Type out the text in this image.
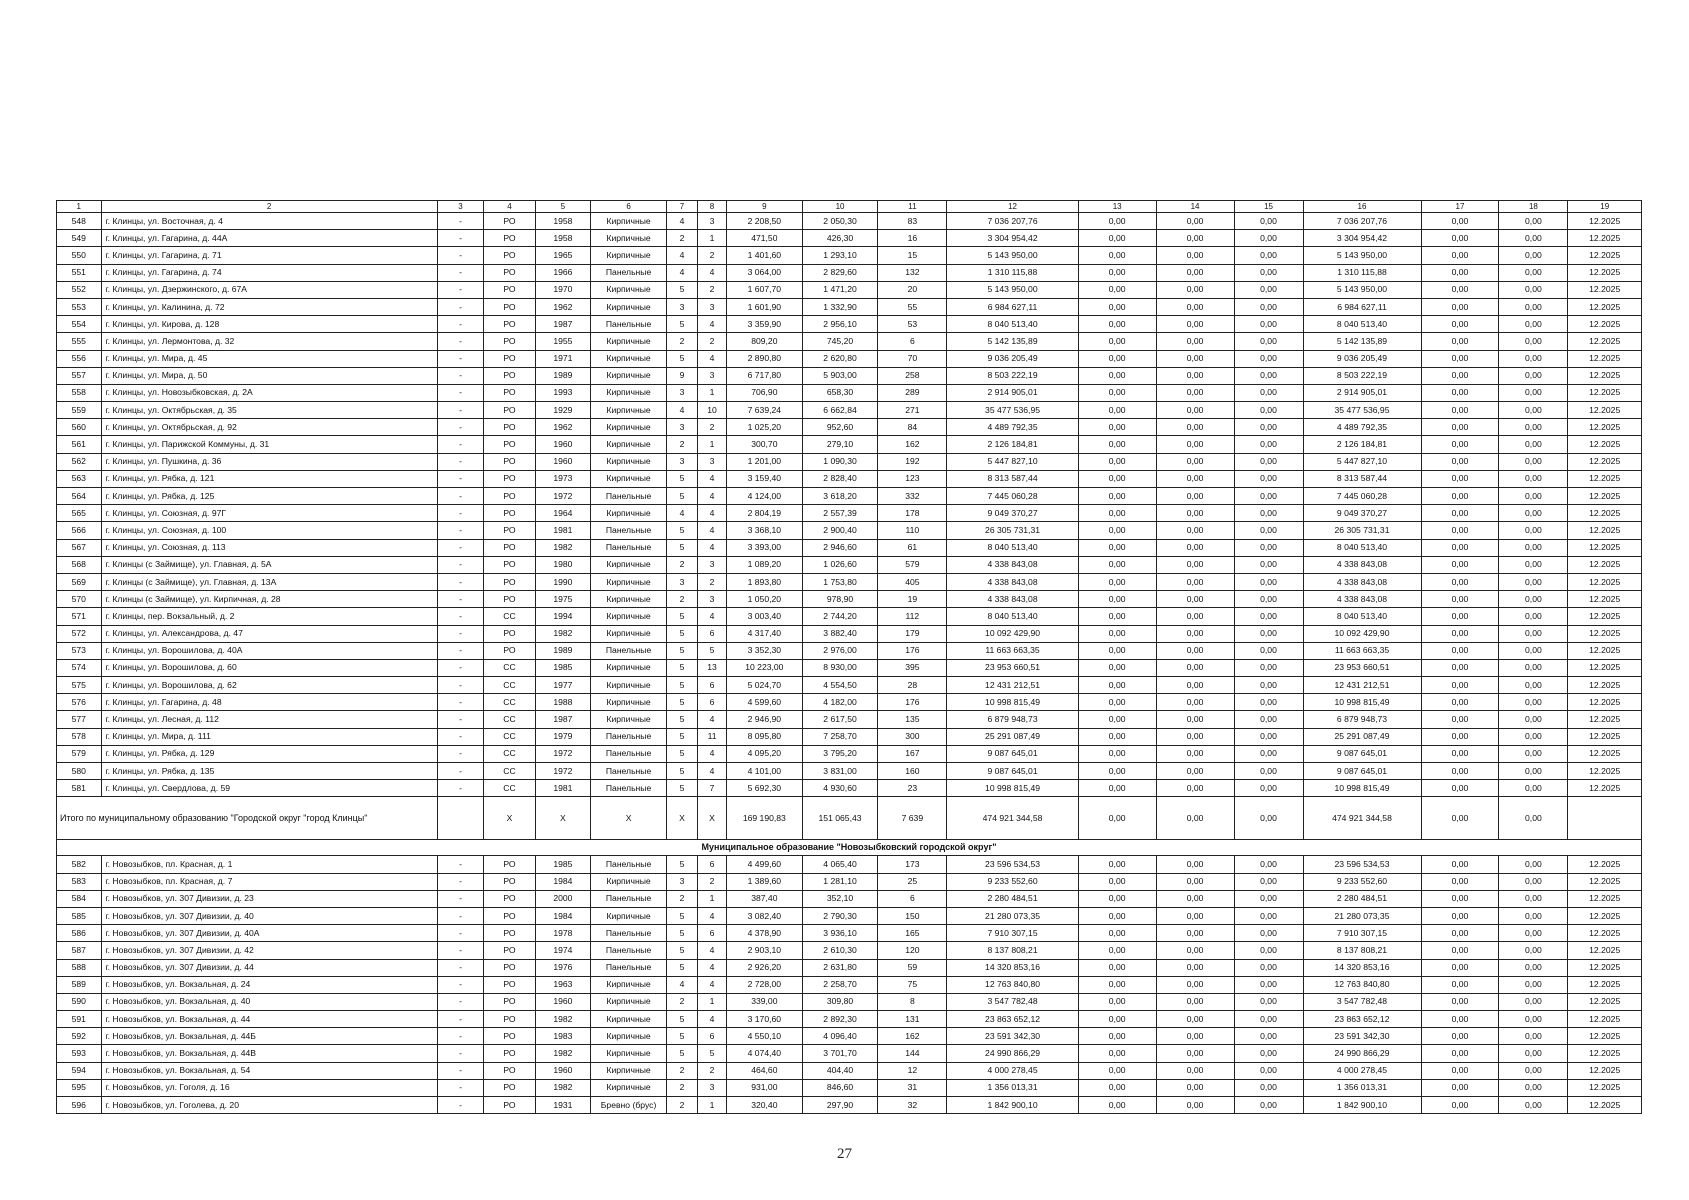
1	2	3	4	5	6	7	8	9	10	11	12	13	14	15	16	17	18	19
548	г. Клинцы, ул. Восточная, д. 4	-	РО	1958	Кирпичные	4	3	2 208,50	2 050,30	83	7 036 207,76	0,00	0,00	0,00	7 036 207,76	0,00	0,00	12.2025
549	г. Клинцы, ул. Гагарина, д. 44А	-	РО	1958	Кирпичные	2	1	471,50	426,30	16	3 304 954,42	0,00	0,00	0,00	3 304 954,42	0,00	0,00	12.2025
550	г. Клинцы, ул. Гагарина, д. 71	-	РО	1965	Кирпичные	4	2	1 401,60	1 293,10	15	5 143 950,00	0,00	0,00	0,00	5 143 950,00	0,00	0,00	12.2025
551	г. Клинцы, ул. Гагарина, д. 74	-	РО	1966	Панельные	4	4	3 064,00	2 829,60	132	1 310 115,88	0,00	0,00	0,00	1 310 115,88	0,00	0,00	12.2025
552	г. Клинцы, ул. Дзержинского, д. 67А	-	РО	1970	Кирпичные	5	2	1 607,70	1 471,20	20	5 143 950,00	0,00	0,00	0,00	5 143 950,00	0,00	0,00	12.2025
553	г. Клинцы, ул. Калинина, д. 72	-	РО	1962	Кирпичные	3	3	1 601,90	1 332,90	55	6 984 627,11	0,00	0,00	0,00	6 984 627,11	0,00	0,00	12.2025
554	г. Клинцы, ул. Кирова, д. 128	-	РО	1987	Панельные	5	4	3 359,90	2 956,10	53	8 040 513,40	0,00	0,00	0,00	8 040 513,40	0,00	0,00	12.2025
555	г. Клинцы, ул. Лермонтова, д. 32	-	РО	1955	Кирпичные	2	2	809,20	745,20	6	5 142 135,89	0,00	0,00	0,00	5 142 135,89	0,00	0,00	12.2025
556	г. Клинцы, ул. Мира, д. 45	-	РО	1971	Кирпичные	5	4	2 890,80	2 620,80	70	9 036 205,49	0,00	0,00	0,00	9 036 205,49	0,00	0,00	12.2025
557	г. Клинцы, ул. Мира, д. 50	-	РО	1989	Кирпичные	9	3	6 717,80	5 903,00	258	8 503 222,19	0,00	0,00	0,00	8 503 222,19	0,00	0,00	12.2025
558	г. Клинцы, ул. Новозыбковская, д. 2А	-	РО	1993	Кирпичные	3	1	706,90	658,30	289	2 914 905,01	0,00	0,00	0,00	2 914 905,01	0,00	0,00	12.2025
559	г. Клинцы, ул. Октябрьская, д. 35	-	РО	1929	Кирпичные	4	10	7 639,24	6 662,84	271	35 477 536,95	0,00	0,00	0,00	35 477 536,95	0,00	0,00	12.2025
560	г. Клинцы, ул. Октябрьская, д. 92	-	РО	1962	Кирпичные	3	2	1 025,20	952,60	84	4 489 792,35	0,00	0,00	0,00	4 489 792,35	0,00	0,00	12.2025
561	г. Клинцы, ул. Парижской Коммуны, д. 31	-	РО	1960	Кирпичные	2	1	300,70	279,10	162	2 126 184,81	0,00	0,00	0,00	2 126 184,81	0,00	0,00	12.2025
562	г. Клинцы, ул. Пушкина, д. 36	-	РО	1960	Кирпичные	3	3	1 201,00	1 090,30	192	5 447 827,10	0,00	0,00	0,00	5 447 827,10	0,00	0,00	12.2025
563	г. Клинцы, ул. Рябка, д. 121	-	РО	1973	Кирпичные	5	4	3 159,40	2 828,40	123	8 313 587,44	0,00	0,00	0,00	8 313 587,44	0,00	0,00	12.2025
564	г. Клинцы, ул. Рябка, д. 125	-	РО	1972	Панельные	5	4	4 124,00	3 618,20	332	7 445 060,28	0,00	0,00	0,00	7 445 060,28	0,00	0,00	12.2025
565	г. Клинцы, ул. Союзная, д. 97Г	-	РО	1964	Кирпичные	4	4	2 804,19	2 557,39	178	9 049 370,27	0,00	0,00	0,00	9 049 370,27	0,00	0,00	12.2025
566	г. Клинцы, ул. Союзная, д. 100	-	РО	1981	Панельные	5	4	3 368,10	2 900,40	110	26 305 731,31	0,00	0,00	0,00	26 305 731,31	0,00	0,00	12.2025
567	г. Клинцы, ул. Союзная, д. 113	-	РО	1982	Панельные	5	4	3 393,00	2 946,60	61	8 040 513,40	0,00	0,00	0,00	8 040 513,40	0,00	0,00	12.2025
568	г. Клинцы (с Займище), ул. Главная, д. 5А	-	РО	1980	Кирпичные	2	3	1 089,20	1 026,60	579	4 338 843,08	0,00	0,00	0,00	4 338 843,08	0,00	0,00	12.2025
569	г. Клинцы (с Займище), ул. Главная, д. 13А	-	РО	1990	Кирпичные	3	2	1 893,80	1 753,80	405	4 338 843,08	0,00	0,00	0,00	4 338 843,08	0,00	0,00	12.2025
570	г. Клинцы (с Займище), ул. Кирпичная, д. 28	-	РО	1975	Кирпичные	2	3	1 050,20	978,90	19	4 338 843,08	0,00	0,00	0,00	4 338 843,08	0,00	0,00	12.2025
571	г. Клинцы, пер. Вокзальный, д. 2	-	СС	1994	Кирпичные	5	4	3 003,40	2 744,20	112	8 040 513,40	0,00	0,00	0,00	8 040 513,40	0,00	0,00	12.2025
572	г. Клинцы, ул. Александрова, д. 47	-	РО	1982	Кирпичные	5	6	4 317,40	3 882,40	179	10 092 429,90	0,00	0,00	0,00	10 092 429,90	0,00	0,00	12.2025
573	г. Клинцы, ул. Ворошилова, д. 40А	-	РО	1989	Панельные	5	5	3 352,30	2 976,00	176	11 663 663,35	0,00	0,00	0,00	11 663 663,35	0,00	0,00	12.2025
574	г. Клинцы, ул. Ворошилова, д. 60	-	СС	1985	Кирпичные	5	13	10 223,00	8 930,00	395	23 953 660,51	0,00	0,00	0,00	23 953 660,51	0,00	0,00	12.2025
575	г. Клинцы, ул. Ворошилова, д. 62	-	СС	1977	Кирпичные	5	6	5 024,70	4 554,50	28	12 431 212,51	0,00	0,00	0,00	12 431 212,51	0,00	0,00	12.2025
576	г. Клинцы, ул. Гагарина, д. 48	-	СС	1988	Кирпичные	5	6	4 599,60	4 182,00	176	10 998 815,49	0,00	0,00	0,00	10 998 815,49	0,00	0,00	12.2025
577	г. Клинцы, ул. Лесная, д. 112	-	СС	1987	Кирпичные	5	4	2 946,90	2 617,50	135	6 879 948,73	0,00	0,00	0,00	6 879 948,73	0,00	0,00	12.2025
578	г. Клинцы, ул. Мира, д. 111	-	СС	1979	Панельные	5	11	8 095,80	7 258,70	300	25 291 087,49	0,00	0,00	0,00	25 291 087,49	0,00	0,00	12.2025
579	г. Клинцы, ул. Рябка, д. 129	-	СС	1972	Панельные	5	4	4 095,20	3 795,20	167	9 087 645,01	0,00	0,00	0,00	9 087 645,01	0,00	0,00	12.2025
580	г. Клинцы, ул. Рябка, д. 135	-	СС	1972	Панельные	5	4	4 101,00	3 831,00	160	9 087 645,01	0,00	0,00	0,00	9 087 645,01	0,00	0,00	12.2025
581	г. Клинцы, ул. Свердлова, д. 59	-	СС	1981	Панельные	5	7	5 692,30	4 930,60	23	10 998 815,49	0,00	0,00	0,00	10 998 815,49	0,00	0,00	12.2025
Итого по муниципальному образованию "Городской округ "город Клинцы"			Х	Х	Х	Х	Х	169 190,83	151 065,43	7 639	474 921 344,58	0,00	0,00	0,00	474 921 344,58	0,00	0,00	
Муниципальное образование "Новозыбковский городской округ"																		
582	г. Новозыбков, пл. Красная, д. 1	-	РО	1985	Панельные	5	6	4 499,60	4 065,40	173	23 596 534,53	0,00	0,00	0,00	23 596 534,53	0,00	0,00	12.2025
583	г. Новозыбков, пл. Красная, д. 7	-	РО	1984	Кирпичные	3	2	1 389,60	1 281,10	25	9 233 552,60	0,00	0,00	0,00	9 233 552,60	0,00	0,00	12.2025
584	г. Новозыбков, ул. 307 Дивизии, д. 23	-	РО	2000	Панельные	2	1	387,40	352,10	6	2 280 484,51	0,00	0,00	0,00	2 280 484,51	0,00	0,00	12.2025
585	г. Новозыбков, ул. 307 Дивизии, д. 40	-	РО	1984	Кирпичные	5	4	3 082,40	2 790,30	150	21 280 073,35	0,00	0,00	0,00	21 280 073,35	0,00	0,00	12.2025
586	г. Новозыбков, ул. 307 Дивизии, д. 40А	-	РО	1978	Панельные	5	6	4 378,90	3 936,10	165	7 910 307,15	0,00	0,00	0,00	7 910 307,15	0,00	0,00	12.2025
587	г. Новозыбков, ул. 307 Дивизии, д. 42	-	РО	1974	Панельные	5	4	2 903,10	2 610,30	120	8 137 808,21	0,00	0,00	0,00	8 137 808,21	0,00	0,00	12.2025
588	г. Новозыбков, ул. 307 Дивизии, д. 44	-	РО	1976	Панельные	5	4	2 926,20	2 631,80	59	14 320 853,16	0,00	0,00	0,00	14 320 853,16	0,00	0,00	12.2025
589	г. Новозыбков, ул. Вокзальная, д. 24	-	РО	1963	Кирпичные	4	4	2 728,00	2 258,70	75	12 763 840,80	0,00	0,00	0,00	12 763 840,80	0,00	0,00	12.2025
590	г. Новозыбков, ул. Вокзальная, д. 40	-	РО	1960	Кирпичные	2	1	339,00	309,80	8	3 547 782,48	0,00	0,00	0,00	3 547 782,48	0,00	0,00	12.2025
591	г. Новозыбков, ул. Вокзальная, д. 44	-	РО	1982	Кирпичные	5	4	3 170,60	2 892,30	131	23 863 652,12	0,00	0,00	0,00	23 863 652,12	0,00	0,00	12.2025
592	г. Новозыбков, ул. Вокзальная, д. 44Б	-	РО	1983	Кирпичные	5	6	4 550,10	4 096,40	162	23 591 342,30	0,00	0,00	0,00	23 591 342,30	0,00	0,00	12.2025
593	г. Новозыбков, ул. Вокзальная, д. 44В	-	РО	1982	Кирпичные	5	5	4 074,40	3 701,70	144	24 990 866,29	0,00	0,00	0,00	24 990 866,29	0,00	0,00	12.2025
594	г. Новозыбков, ул. Вокзальная, д. 54	-	РО	1960	Кирпичные	2	2	464,60	404,40	12	4 000 278,45	0,00	0,00	0,00	4 000 278,45	0,00	0,00	12.2025
595	г. Новозыбков, ул. Гоголя, д. 16	-	РО	1982	Кирпичные	2	3	931,00	846,60	31	1 356 013,31	0,00	0,00	0,00	1 356 013,31	0,00	0,00	12.2025
596	г. Новозыбков, ул. Гоголева, д. 20	-	РО	1931	Бревно (брус)	2	1	320,40	297,90	32	1 842 900,10	0,00	0,00	0,00	1 842 900,10	0,00	0,00	12.2025
27
